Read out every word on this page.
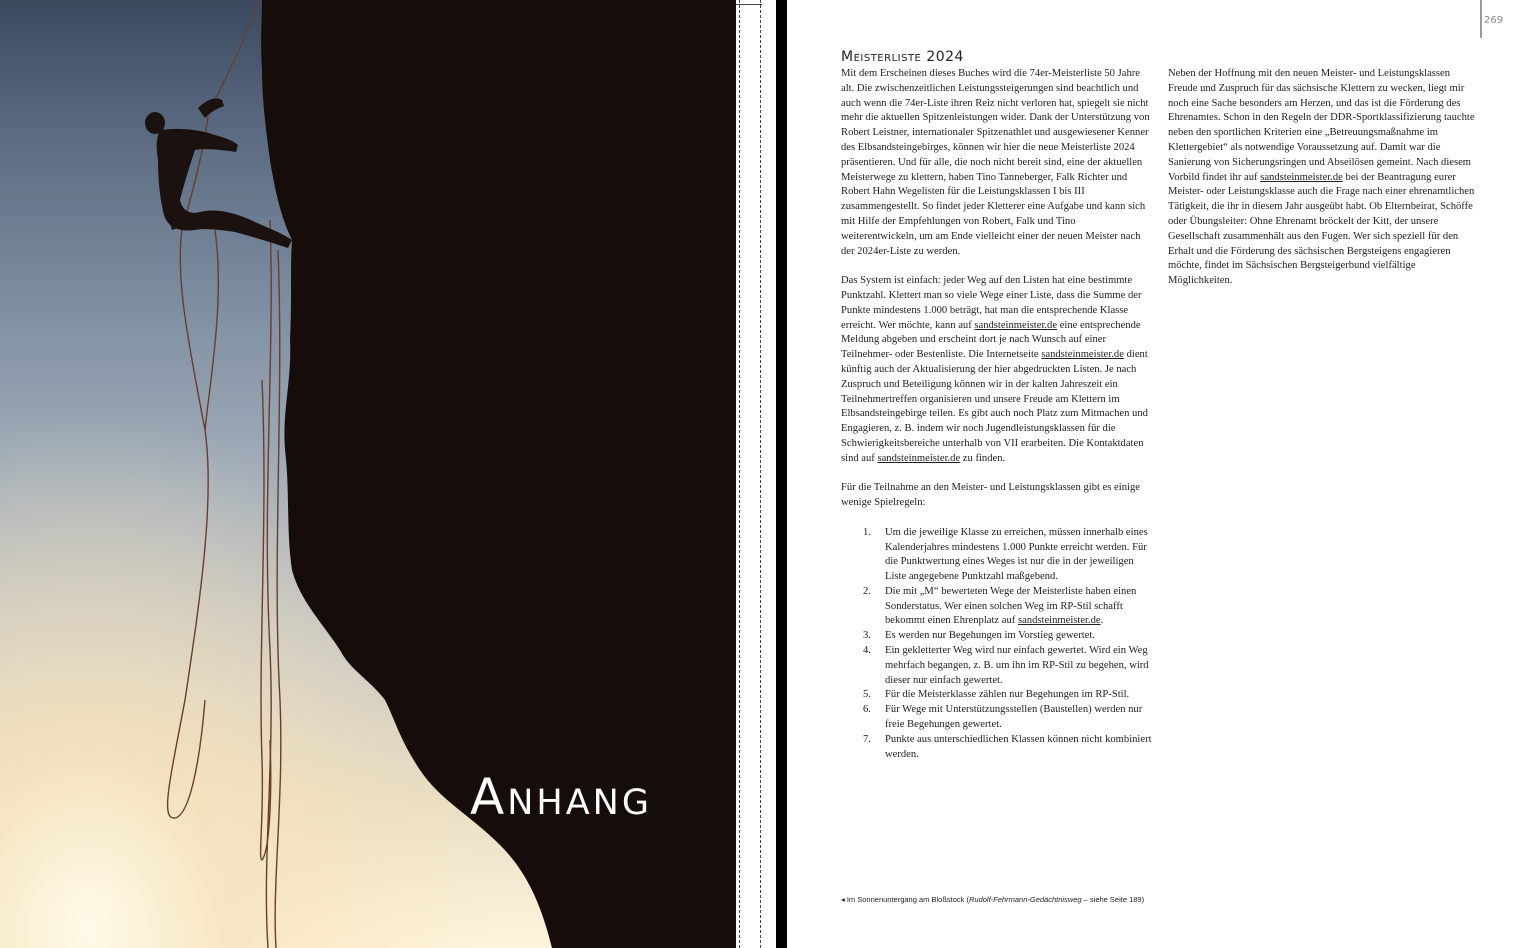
Anhang
269
Meisterliste 2024

Mit dem Erscheinen dieses Buches wird die 74er-Meisterliste 50 Jahre alt. Die zwischenzeitlichen Leistungssteigerungen sind beachtlich und auch wenn die 74er-Liste ihren Reiz nicht verloren hat, spiegelt sie nicht mehr die aktuellen Spitzenleistungen wider. Dank der Unterstützung von Robert Leistner, internationaler Spitzenathlet und ausgewiesener Kenner des Elbsandsteingebirges, können wir hier die neue Meisterliste 2024 präsentieren. Und für alle, die noch nicht bereit sind, eine der aktuellen Meisterwege zu klettern, haben Tino Tanneberger, Falk Richter und Robert Hahn Wegelisten für die Leistungsklassen I bis III zusammengestellt. So findet jeder Kletterer eine Aufgabe und kann sich mit Hilfe der Empfehlungen von Robert, Falk und Tino weiterentwickeln, um am Ende vielleicht einer der neuen Meister nach der 2024er-Liste zu werden.

Das System ist einfach: jeder Weg auf den Listen hat eine bestimmte Punktzahl. Klettert man so viele Wege einer Liste, dass die Summe der Punkte mindestens 1.000 beträgt, hat man die entsprechende Klasse erreicht. Wer möchte, kann auf sandsteinmeister.de eine entsprechende Meldung abgeben und erscheint dort je nach Wunsch auf einer Teilnehmer- oder Bestenliste. Die Internetseite sandsteinmeister.de dient künftig auch der Aktualisierung der hier abgedruckten Listen. Je nach Zuspruch und Beteiligung können wir in der kalten Jahreszeit ein Teilnehmertreffen organisieren und unsere Freude am Klettern im Elbsandsteingebirge teilen. Es gibt auch noch Platz zum Mitmachen und Engagieren, z. B. indem wir noch Jugendleistungsklassen für die Schwierigkeitsbereiche unterhalb von VII erarbeiten. Die Kontaktdaten sind auf sandsteinmeister.de zu finden.

Für die Teilnahme an den Meister- und Leistungsklassen gibt es einige wenige Spielregeln:

1. Um die jeweilige Klasse zu erreichen, müssen innerhalb eines Kalenderjahres mindestens 1.000 Punkte erreicht werden. Für die Punktwertung eines Weges ist nur die in der jeweiligen Liste angegebene Punktzahl maßgebend.
2. Die mit „M“ bewerteten Wege der Meisterliste haben einen Sonderstatus. Wer einen solchen Weg im RP-Stil schafft bekommt einen Ehrenplatz auf sandsteinmeister.de.
3. Es werden nur Begehungen im Vorstieg gewertet.
4. Ein gekletterter Weg wird nur einfach gewertet. Wird ein Weg mehrfach begangen, z. B. um ihn im RP-Stil zu begehen, wird dieser nur einfach gewertet.
5. Für die Meisterklasse zählen nur Begehungen im RP-Stil.
6. Für Wege mit Unterstützungsstellen (Baustellen) werden nur freie Begehungen gewertet.
7. Punkte aus unterschiedlichen Klassen können nicht kombiniert werden.

Neben der Hoffnung mit den neuen Meister- und Leistungsklassen Freude und Zuspruch für das sächsische Klettern zu wecken, liegt mir noch eine Sache besonders am Herzen, und das ist die Förderung des Ehrenamtes. Schon in den Regeln der DDR-Sportklassifizierung tauchte neben den sportlichen Kriterien eine „Betreuungsmaßnahme im Klettergebiet“ als notwendige Voraussetzung auf. Damit war die Sanierung von Sicherungsringen und Abseilösen gemeint. Nach diesem Vorbild findet ihr auf sandsteinmeister.de bei der Beantragung eurer Meister- oder Leistungsklasse auch die Frage nach einer ehrenamtlichen Tätigkeit, die ihr in diesem Jahr ausgeübt habt. Ob Elternbeirat, Schöffe oder Übungsleiter: Ohne Ehrenamt bröckelt der Kitt, der unsere Gesellschaft zusammenhält aus den Fugen. Wer sich speziell für den Erhalt und die Förderung des sächsischen Bergsteigens engagieren möchte, findet im Sächsischen Bergsteigerbund vielfältige Möglichkeiten.

◂ Im Sonnenuntergang am Bloßstock (Rudolf-Fehrmann-Gedächtnisweg – siehe Seite 189)
